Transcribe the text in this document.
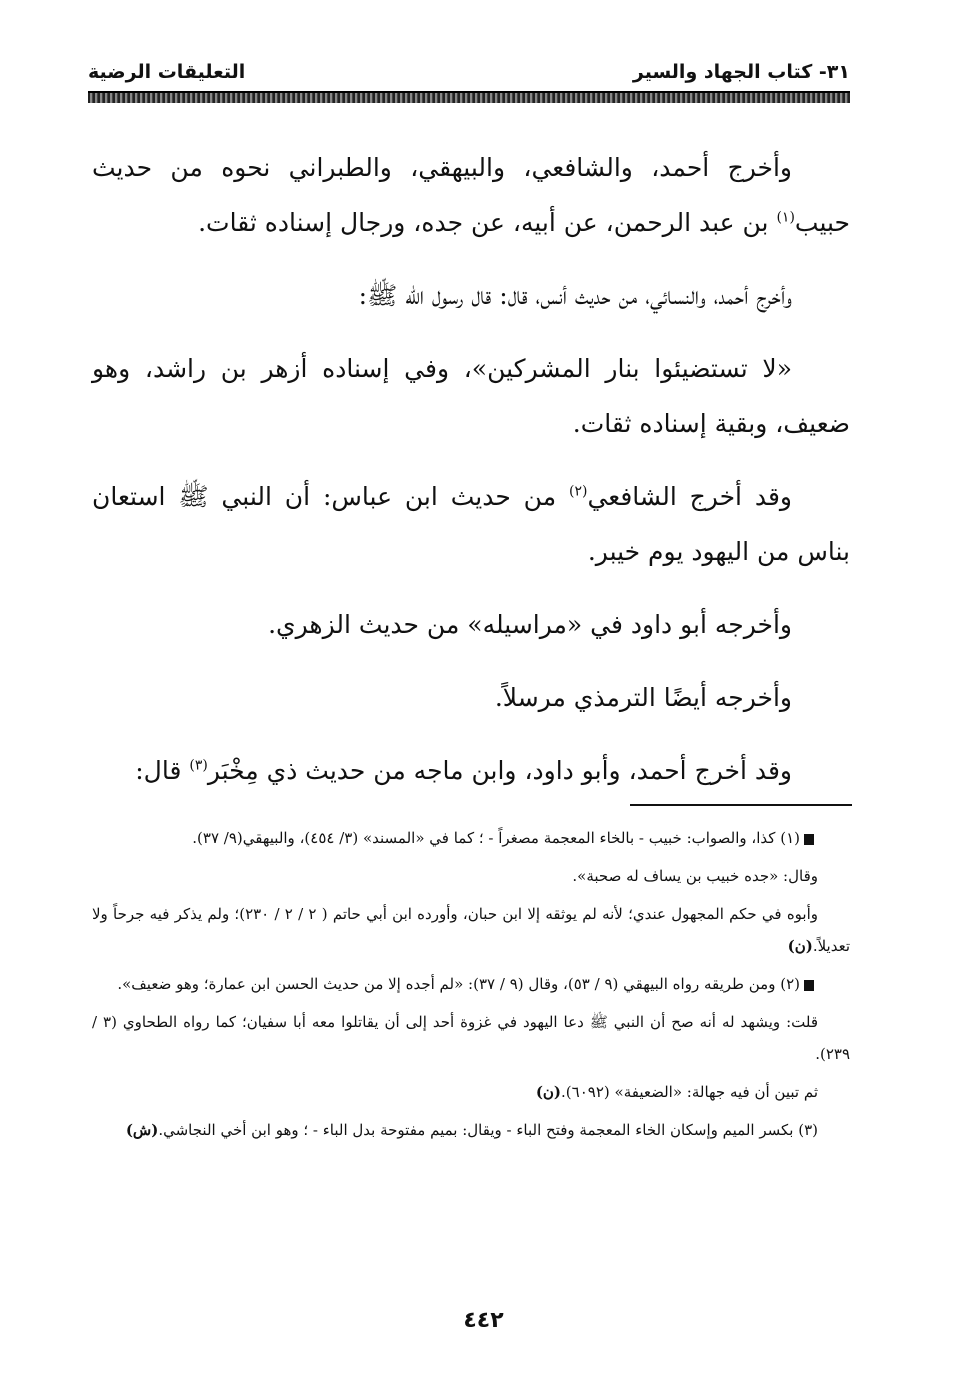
٣١- كتاب الجهاد والسير
التعليقات الرضية

وأخرج أحمد، والشافعي، والبيهقي، والطبراني نحوه من حديث حبيب$^{(١)}$ بن عبد الرحمن، عن أبيه، عن جده، ورجال إسناده ثقات.

وأخرج أحمد، والنسائي، من حديث أنس، قال: قال رسول الله ﷺ:

«لا تستضيئوا بنار المشركين»، وفي إسناده أزهر بن راشد، وهو ضعيف، وبقية إسناده ثقات.

وقد أخرج الشافعي$^{(٢)}$ من حديث ابن عباس: أن النبي ﷺ استعان بناس من اليهود يوم خيبر.

وأخرجه أبو داود في «مراسيله» من حديث الزهري.

وأخرجه أيضًا الترمذي مرسلاً.

وقد أخرج أحمد، وأبو داود، وابن ماجه من حديث ذي مِخْبَر$^{(٣)}$ قال:

(١) كذا، والصواب: خبيب - بالخاء المعجمة مصغراً - ؛ كما في «المسند» (٣/ ٤٥٤)، والبيهقي(٩/ ٣٧).

وقال: «جده خبيب بن يساف له صحبة».

وأبوه في حكم المجهول عندي؛ لأنه لم يوثقه إلا ابن حبان، وأورده ابن أبي حاتم ( ٢ / ٢ / ٢٣٠)؛ ولم يذكر فيه جرحاً ولا تعديلاً.(ن)

(٢) ومن طريقه رواه البيهقي (٩ / ٥٣)، وقال (٩ / ٣٧): «لم أجده إلا من حديث الحسن ابن عمارة؛ وهو ضعيف».

قلت: ويشهد له أنه صح أن النبي ﷺ دعا اليهود في غزوة أحد إلى أن يقاتلوا معه أبا سفيان؛ كما رواه الطحاوي (٣ / ٢٣٩).

ثم تبين أن فيه جهالة: «الضعيفة» (٦٠٩٢).(ن)

(٣) بكسر الميم وإسكان الخاء المعجمة وفتح الباء - ويقال: بميم مفتوحة بدل الباء - ؛ وهو ابن أخي النجاشي.(ش)

٤٤٢
